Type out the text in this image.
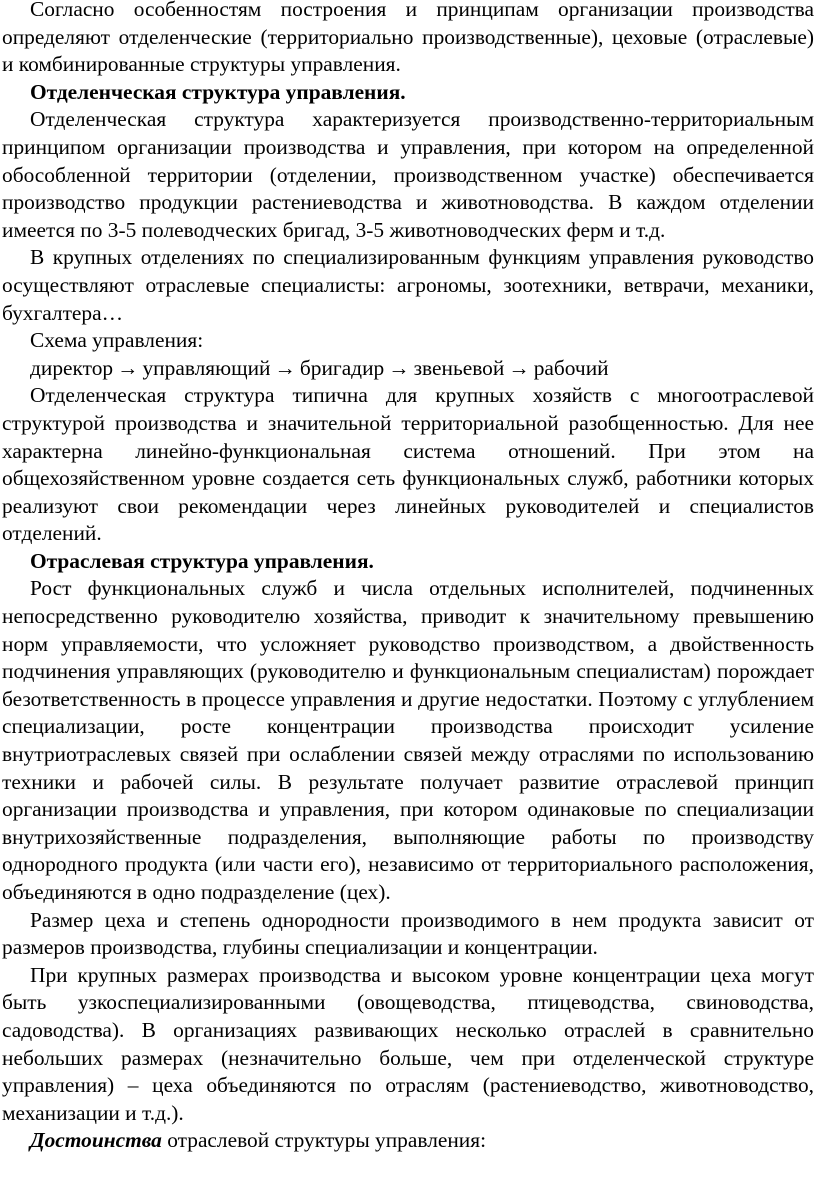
Согласно особенностям построения и принципам организации производства определяют отделенческие (территориально производственные), цеховые (отраслевые) и комбинированные структуры управления.

Отделенческая структура управления.

Отделенческая структура характеризуется производственно-территориальным принципом организации производства и управления, при котором на определенной обособленной территории (отделении, производственном участке) обеспечивается производство продукции растениеводства и животноводства. В каждом отделении имеется по 3-5 полеводческих бригад, 3-5 животноводческих ферм и т.д.

В крупных отделениях по специализированным функциям управления руководство осуществляют отраслевые специалисты: агрономы, зоотехники, ветврачи, механики, бухгалтера…

Схема управления:

директор → управляющий → бригадир → звеньевой → рабочий

Отделенческая структура типична для крупных хозяйств с многоотраслевой структурой производства и значительной территориальной разобщенностью. Для нее характерна линейно-функциональная система отношений. При этом на общехозяйственном уровне создается сеть функциональных служб, работники которых реализуют свои рекомендации через линейных руководителей и специалистов отделений.

Отраслевая структура управления.

Рост функциональных служб и числа отдельных исполнителей, подчиненных непосредственно руководителю хозяйства, приводит к значительному превышению норм управляемости, что усложняет руководство производством, а двойственность подчинения управляющих (руководителю и функциональным специалистам) порождает безответственность в процессе управления и другие недостатки. Поэтому с углублением специализации, росте концентрации производства происходит усиление внутриотраслевых связей при ослаблении связей между отраслями по использованию техники и рабочей силы. В результате получает развитие отраслевой принцип организации производства и управления, при котором одинаковые по специализации внутрихозяйственные подразделения, выполняющие работы по производству однородного продукта (или части его), независимо от территориального расположения, объединяются в одно подразделение (цех).

Размер цеха и степень однородности производимого в нем продукта зависит от размеров производства, глубины специализации и концентрации.

При крупных размерах производства и высоком уровне концентрации цеха могут быть узкоспециализированными (овощеводства, птицеводства, свиноводства, садоводства). В организациях развивающих несколько отраслей в сравнительно небольших размерах (незначительно больше, чем при отделенческой структуре управления) – цеха объединяются по отраслям (растениеводство, животноводство, механизации и т.д.).

Достоинства отраслевой структуры управления:
